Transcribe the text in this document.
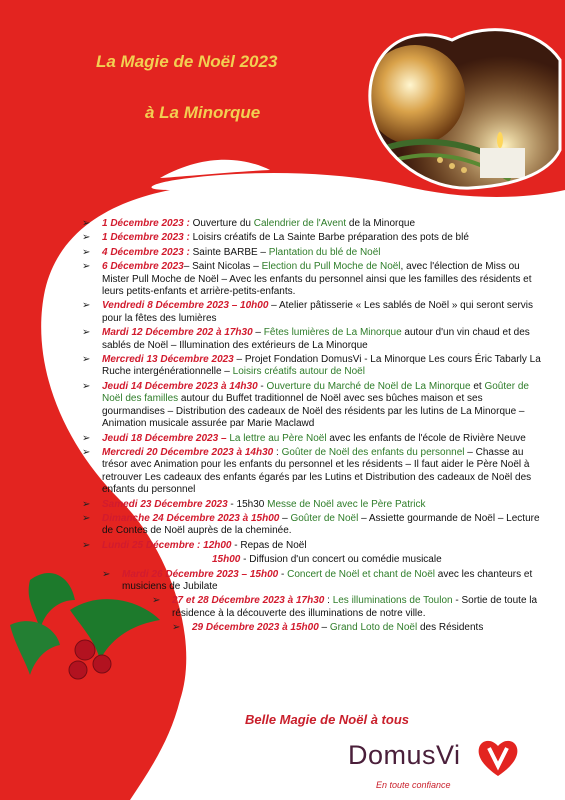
La Magie de Noël 2023
à La Minorque
➢ 1 Décembre 2023 : Ouverture du Calendrier de l'Avent de la Minorque
➢ 1 Décembre 2023 : Loisirs créatifs de La Sainte Barbe préparation des pots de blé
➢ 4 Décembre 2023 : Sainte BARBE – Plantation du blé de Noël
➢ 6 Décembre 2023– Saint Nicolas – Election du Pull Moche de Noël, avec l'élection de Miss ou Mister Pull Moche de Noël – Avec les enfants du personnel ainsi que les familles des résidents et leurs petits-enfants et arrière-petits-enfants.
➢ Vendredi 8 Décembre 2023 – 10h00 – Atelier pâtisserie « Les sablés de Noël » qui seront servis pour la fêtes des lumières
➢ Mardi 12 Décembre 202 à 17h30 – Fêtes lumières de La Minorque autour d'un vin chaud et des sablés de Noël – Illumination des extérieurs de La Minorque
➢ Mercredi 13 Décembre 2023 – Projet Fondation DomusVi - La Minorque Les cours Éric Tabarly La Ruche intergénérationnelle – Loisirs créatifs autour de Noël
➢ Jeudi 14 Décembre 2023 à 14h30 - Ouverture du Marché de Noël de La Minorque et Goûter de Noël des familles autour du Buffet traditionnel de Noël avec ses bûches maison et ses gourmandises – Distribution des cadeaux de Noël des résidents par les lutins de La Minorque – Animation musicale assurée par Marie Maclawd
➢ Jeudi 18 Décembre 2023 – La lettre au Père Noël avec les enfants de l'école de Rivière Neuve
➢ Mercredi 20 Décembre 2023 à 14h30 : Goûter de Noël des enfants du personnel – Chasse au trésor avec Animation pour les enfants du personnel et les résidents – Il faut aider le Père Noël à retrouver Les cadeaux des enfants égarés par les Lutins et Distribution des cadeaux de Noël des enfants du personnel
➢ Samedi 23 Décembre 2023 - 15h30 Messe de Noël avec le Père Patrick
➢ Dimanche 24 Décembre 2023 à 15h00 – Goûter de Noël – Assiette gourmande de Noël – Lecture de Contes de Noël auprès de la cheminée.
➢ Lundi 25 Décembre : 12h00 - Repas de Noël
15h00 - Diffusion d'un concert ou comédie musicale
➢ Mardi 26 Décembre 2023 – 15h00 - Concert de Noël et chant de Noël avec les chanteurs et musiciens de Jubilate
➢ 27 et 28 Décembre 2023 à 17h30 : Les illuminations de Toulon - Sortie de toute la résidence à la découverte des illuminations de notre ville.
➢ 29 Décembre 2023 à 15h00 – Grand Loto de Noël des Résidents
Belle Magie de Noël à tous
DomusVi
En toute confiance
